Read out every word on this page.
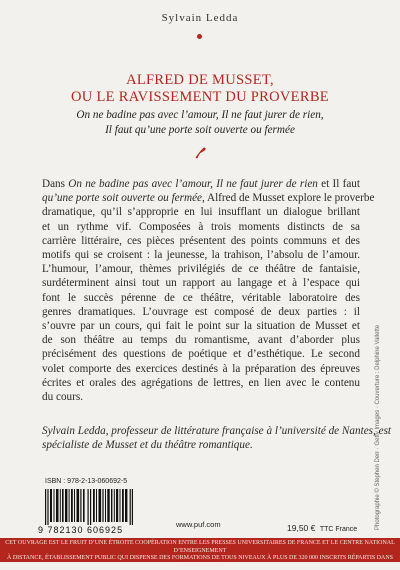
Sylvain Ledda
ALFRED DE MUSSET,
OU LE RAVISSEMENT DU PROVERBE
On ne badine pas avec l’amour, Il ne faut jurer de rien,
Il faut qu’une porte soit ouverte ou fermée
Dans On ne badine pas avec l’amour, Il ne faut jurer de rien et Il faut
qu’une porte soit ouverte ou fermée, Alfred de Musset explore le proverbe
dramatique, qu’il s’approprie en lui insufflant un dialogue brillant
et un rythme vif. Composées à trois moments distincts de sa
carrière littéraire, ces pièces présentent des points communs et des
motifs qui se croisent : la jeunesse, la trahison, l’absolu de l’amour.
L’humour, l’amour, thèmes privilégiés de ce théâtre de fantaisie,
surdéterminent ainsi tout un rapport au langage et à l’espace qui
font le succès pérenne de ce théâtre, véritable laboratoire des
genres dramatiques. L’ouvrage est composé de deux parties : il
s’ouvre par un cours, qui fait le point sur la situation de Musset et
de son théâtre au temps du romantisme, avant d’aborder plus
précisément des questions de poétique et d’esthétique. Le second
volet comporte des exercices destinés à la préparation des épreuves
écrites et orales des agrégations de lettres, en lien avec le contenu
du cours.
Sylvain Ledda, professeur de littérature française à l’université de Nantes, est
spécialiste de Musset et du théâtre romantique.	Photographie © Stephen Derr · Getty Images · Couverture : Delphine Vallette
ISBN : 978-2-13-060692-5
9 782130 606925
www.puf.com	19,50 € TTC France
CET OUVRAGE EST LE FRUIT D’UNE ÉTROITE COOPÉRATION ENTRE LES PRESSES UNIVERSITAIRES DE FRANCE ET LE CENTRE NATIONAL D’ENSEIGNEMENT
À DISTANCE, ÉTABLISSEMENT PUBLIC QUI DISPENSE DES FORMATIONS DE TOUS NIVEAUX À PLUS DE 320 000 INSCRITS RÉPARTIS DANS LE MONDE ENTIER.
